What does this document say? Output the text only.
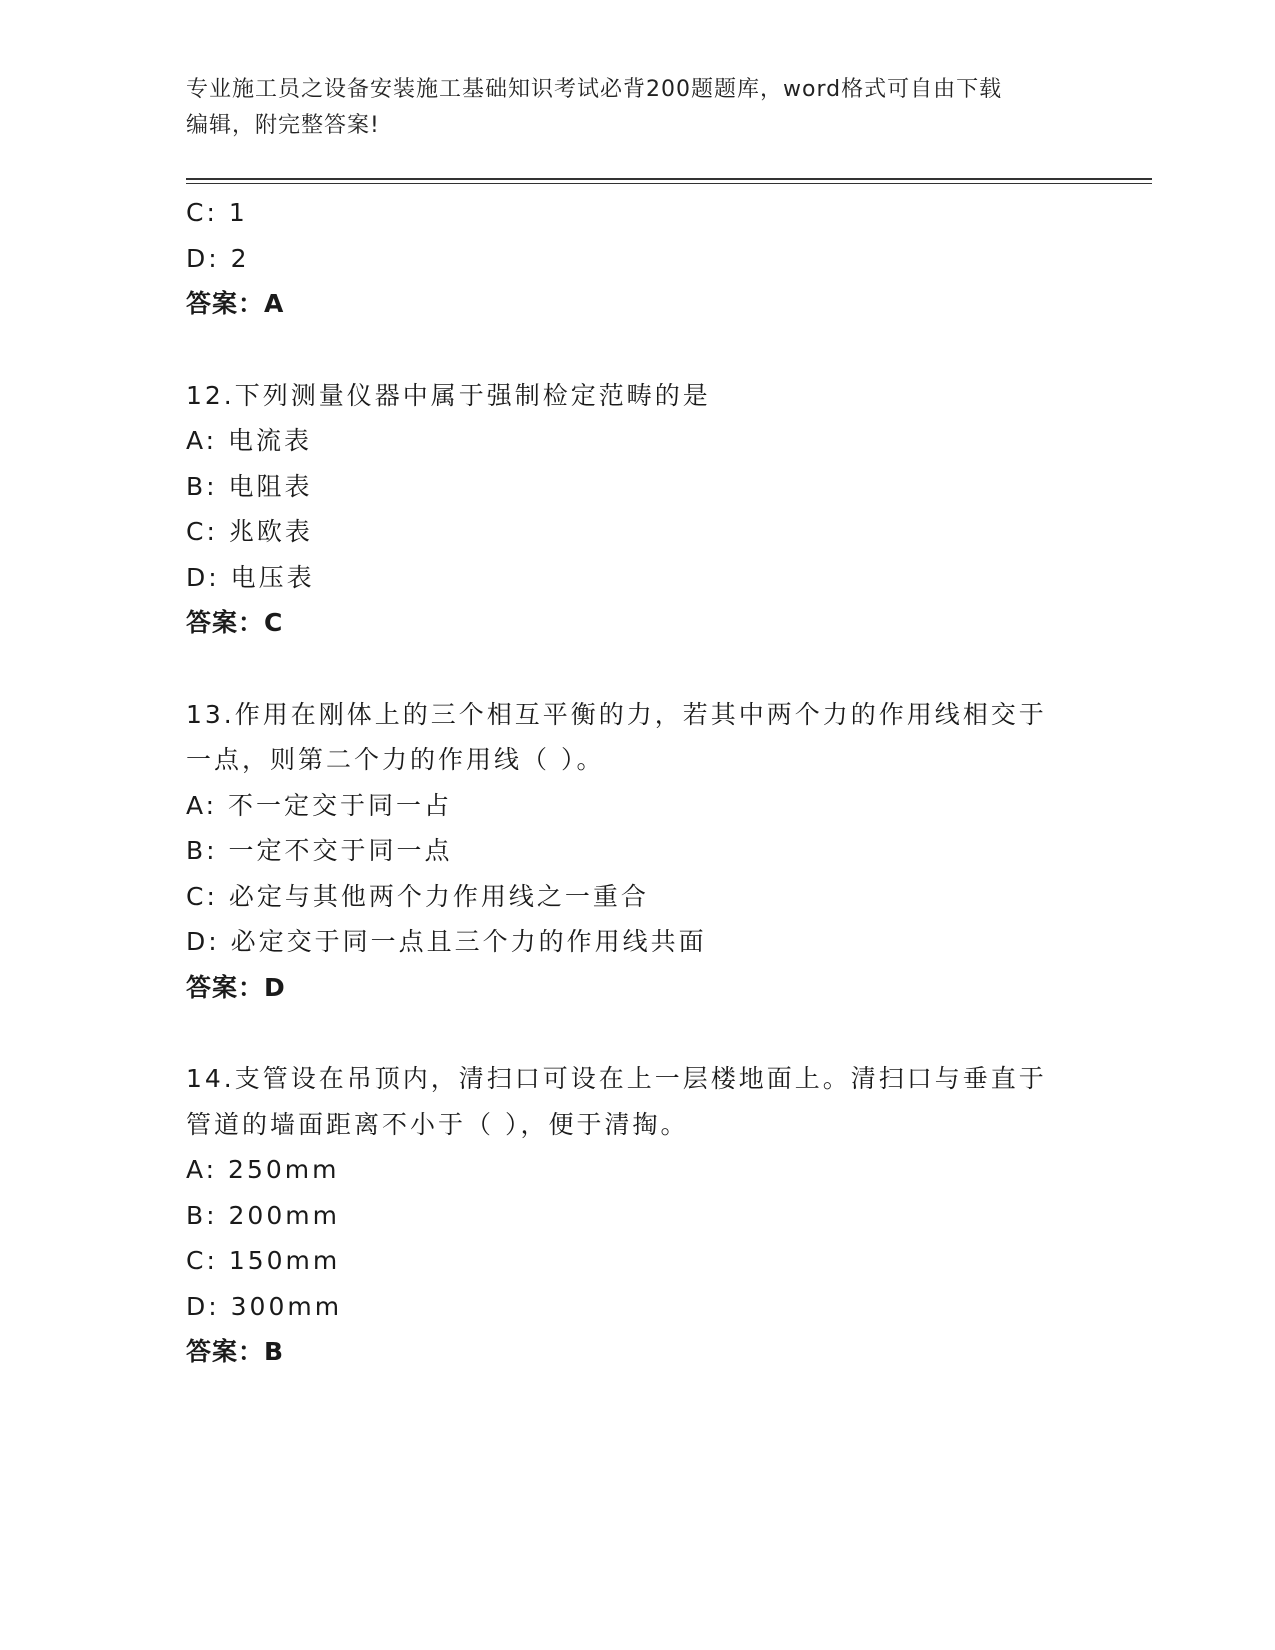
专业施工员之设备安装施工基础知识考试必背200题题库，word格式可自由下载
编辑，附完整答案!
C: 1
D: 2
答案：A
12.下列测量仪器中属于强制检定范畴的是
A: 电流表
B: 电阻表
C: 兆欧表
D: 电压表
答案：C
13.作用在刚体上的三个相互平衡的力，若其中两个力的作用线相交于
一点，则第二个力的作用线（ ）。
A: 不一定交于同一占
B: 一定不交于同一点
C: 必定与其他两个力作用线之一重合
D: 必定交于同一点且三个力的作用线共面
答案：D
14.支管设在吊顶内，清扫口可设在上一层楼地面上。清扫口与垂直于
管道的墙面距离不小于（ ），便于清掏。
A: 250mm
B: 200mm
C: 150mm
D: 300mm
答案：B
